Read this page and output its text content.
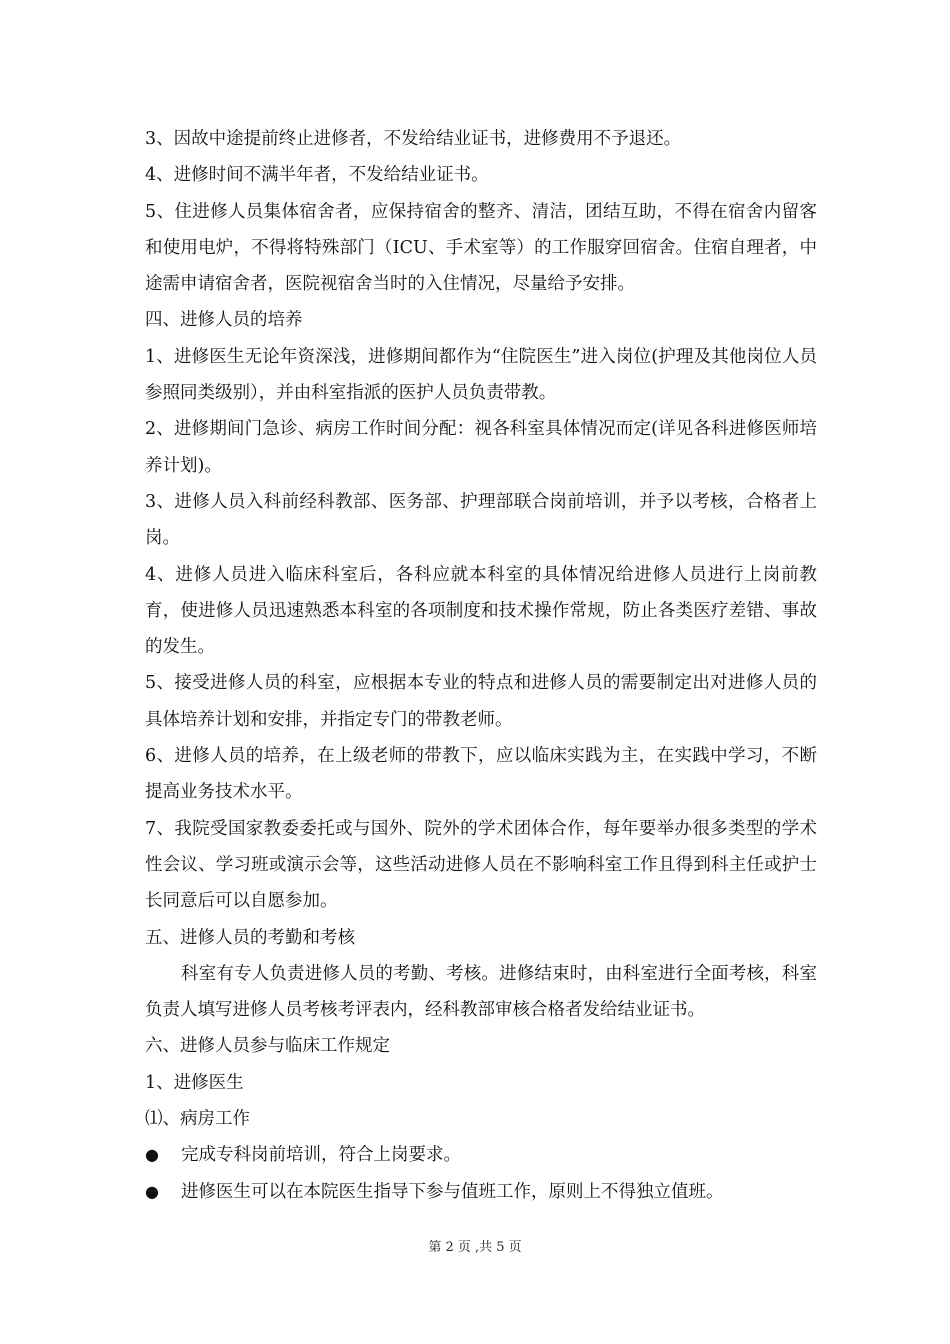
3、因故中途提前终止进修者，不发给结业证书，进修费用不予退还。

4、进修时间不满半年者，不发给结业证书。

5、住进修人员集体宿舍者，应保持宿舍的整齐、清洁，团结互助，不得在宿舍内留客和使用电炉，不得将特殊部门（ICU、手术室等）的工作服穿回宿舍。住宿自理者，中途需申请宿舍者，医院视宿舍当时的入住情况，尽量给予安排。

四、进修人员的培养

1、进修医生无论年资深浅，进修期间都作为“住院医生”进入岗位(护理及其他岗位人员参照同类级别），并由科室指派的医护人员负责带教。

2、进修期间门急诊、病房工作时间分配：视各科室具体情况而定(详见各科进修医师培养计划)。

3、进修人员入科前经科教部、医务部、护理部联合岗前培训，并予以考核，合格者上岗。

4、进修人员进入临床科室后，各科应就本科室的具体情况给进修人员进行上岗前教育，使进修人员迅速熟悉本科室的各项制度和技术操作常规，防止各类医疗差错、事故的发生。

5、接受进修人员的科室，应根据本专业的特点和进修人员的需要制定出对进修人员的具体培养计划和安排，并指定专门的带教老师。

6、进修人员的培养，在上级老师的带教下，应以临床实践为主，在实践中学习，不断提高业务技术水平。

7、我院受国家教委委托或与国外、院外的学术团体合作，每年要举办很多类型的学术性会议、学习班或演示会等，这些活动进修人员在不影响科室工作且得到科主任或护士长同意后可以自愿参加。

五、进修人员的考勤和考核

科室有专人负责进修人员的考勤、考核。进修结束时，由科室进行全面考核，科室负责人填写进修人员考核考评表内，经科教部审核合格者发给结业证书。

六、进修人员参与临床工作规定

1、进修医生

⑴、病房工作

●	完成专科岗前培训，符合上岗要求。
●	进修医生可以在本院医生指导下参与值班工作，原则上不得独立值班。
第 2 页 ,共 5 页
